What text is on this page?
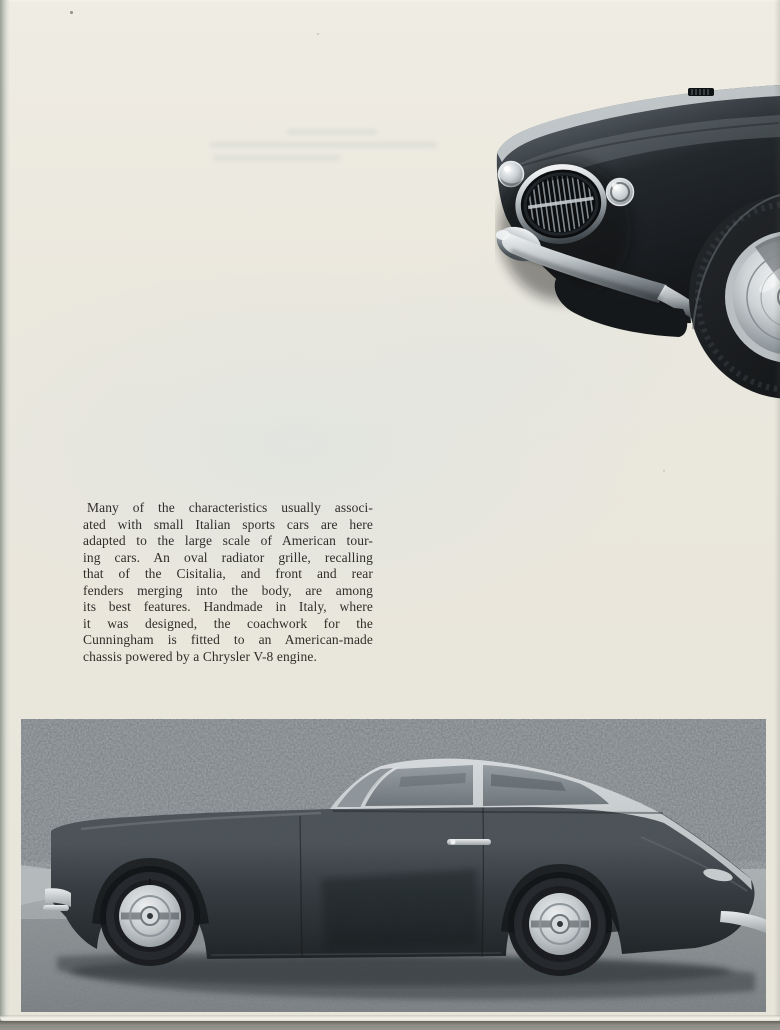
Many of the characteristics usually associ-
ated with small Italian sports cars are here
adapted to the large scale of American tour-
ing cars. An oval radiator grille, recalling
that of the Cisitalia, and front and rear
fenders merging into the body, are among
its best features. Handmade in Italy, where
it was designed, the coachwork for the
Cunningham is fitted to an American-made
chassis powered by a Chrysler V-8 engine.
